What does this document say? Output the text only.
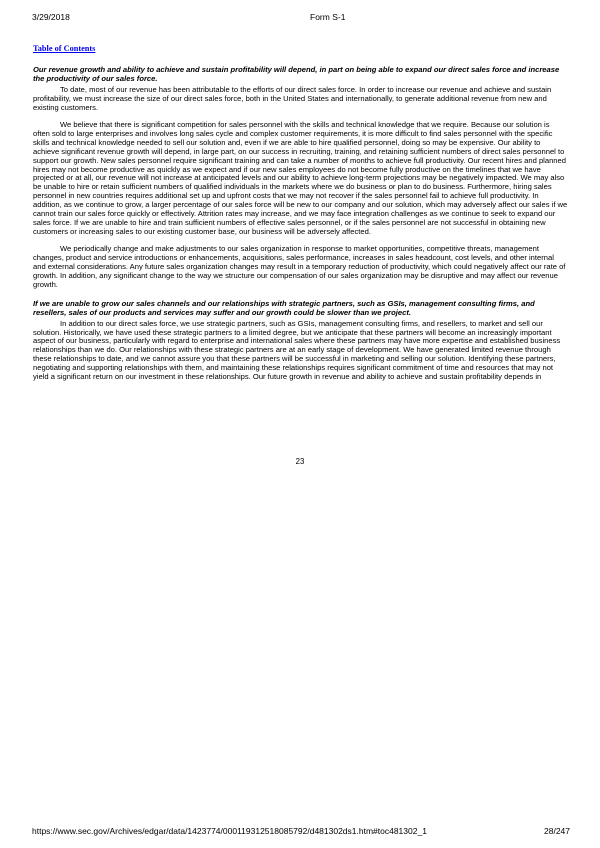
3/29/2018	Form S-1
Table of Contents

Our revenue growth and ability to achieve and sustain profitability will depend, in part on being able to expand our direct sales force and increase the productivity of our sales force.

To date, most of our revenue has been attributable to the efforts of our direct sales force. In order to increase our revenue and achieve and sustain profitability, we must increase the size of our direct sales force, both in the United States and internationally, to generate additional revenue from new and existing customers.

We believe that there is significant competition for sales personnel with the skills and technical knowledge that we require. Because our solution is often sold to large enterprises and involves long sales cycle and complex customer requirements, it is more difficult to find sales personnel with the specific skills and technical knowledge needed to sell our solution and, even if we are able to hire qualified personnel, doing so may be expensive. Our ability to achieve significant revenue growth will depend, in large part, on our success in recruiting, training, and retaining sufficient numbers of direct sales personnel to support our growth. New sales personnel require significant training and can take a number of months to achieve full productivity. Our recent hires and planned hires may not become productive as quickly as we expect and if our new sales employees do not become fully productive on the timelines that we have projected or at all, our revenue will not increase at anticipated levels and our ability to achieve long-term projections may be negatively impacted. We may also be unable to hire or retain sufficient numbers of qualified individuals in the markets where we do business or plan to do business. Furthermore, hiring sales personnel in new countries requires additional set up and upfront costs that we may not recover if the sales personnel fail to achieve full productivity. In addition, as we continue to grow, a larger percentage of our sales force will be new to our company and our solution, which may adversely affect our sales if we cannot train our sales force quickly or effectively. Attrition rates may increase, and we may face integration challenges as we continue to seek to expand our sales force. If we are unable to hire and train sufficient numbers of effective sales personnel, or if the sales personnel are not successful in obtaining new customers or increasing sales to our existing customer base, our business will be adversely affected.

We periodically change and make adjustments to our sales organization in response to market opportunities, competitive threats, management changes, product and service introductions or enhancements, acquisitions, sales performance, increases in sales headcount, cost levels, and other internal and external considerations. Any future sales organization changes may result in a temporary reduction of productivity, which could negatively affect our rate of growth. In addition, any significant change to the way we structure our compensation of our sales organization may be disruptive and may affect our revenue growth.

If we are unable to grow our sales channels and our relationships with strategic partners, such as GSIs, management consulting firms, and resellers, sales of our products and services may suffer and our growth could be slower than we project.

In addition to our direct sales force, we use strategic partners, such as GSIs, management consulting firms, and resellers, to market and sell our solution. Historically, we have used these strategic partners to a limited degree, but we anticipate that these partners will become an increasingly important aspect of our business, particularly with regard to enterprise and international sales where these partners may have more expertise and established business relationships than we do. Our relationships with these strategic partners are at an early stage of development. We have generated limited revenue through these relationships to date, and we cannot assure you that these partners will be successful in marketing and selling our solution. Identifying these partners, negotiating and supporting relationships with them, and maintaining these relationships requires significant commitment of time and resources that may not yield a significant return on our investment in these relationships. Our future growth in revenue and ability to achieve and sustain profitability depends in

23
https://www.sec.gov/Archives/edgar/data/1423774/000119312518085792/d481302ds1.htm#toc481302_1	28/247
